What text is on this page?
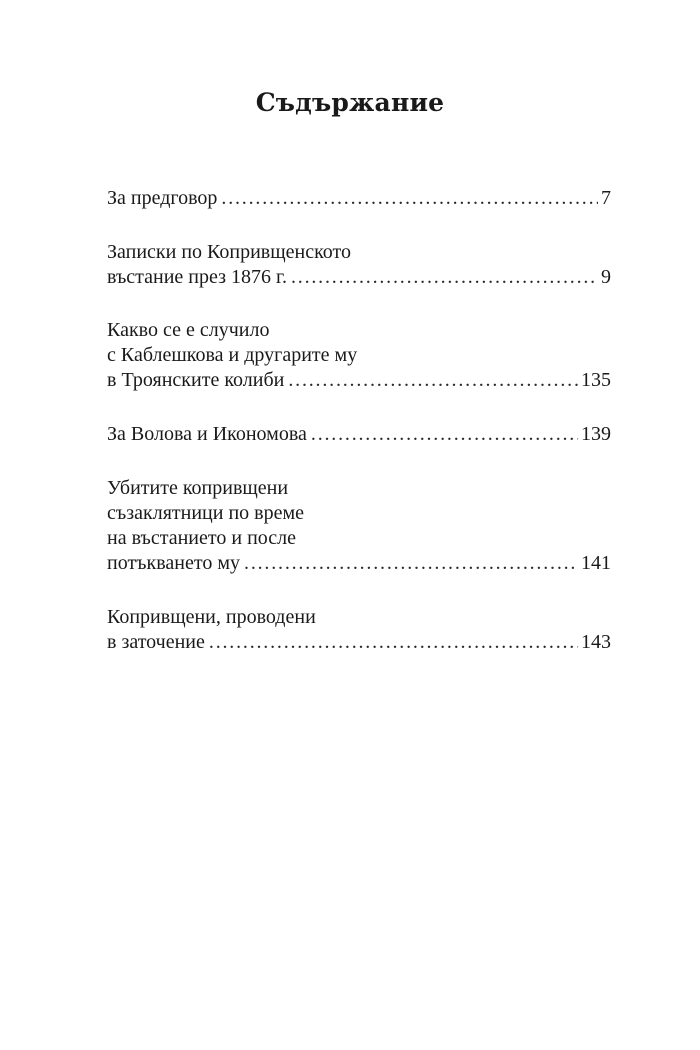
Съдържание
За предговор . . .	7
Записки по Копривщенското
въстание през 1876 г. . . .	9
Какво се е случило
с Каблешкова и другарите му
в Троянските колиби . . .	135
За Волова и Икономова . . .	139
Убитите копривщени
съзаклятници по време
на въстанието и после
потъкването му . . .	141
Копривщени, проводени
в заточение . . .	143
